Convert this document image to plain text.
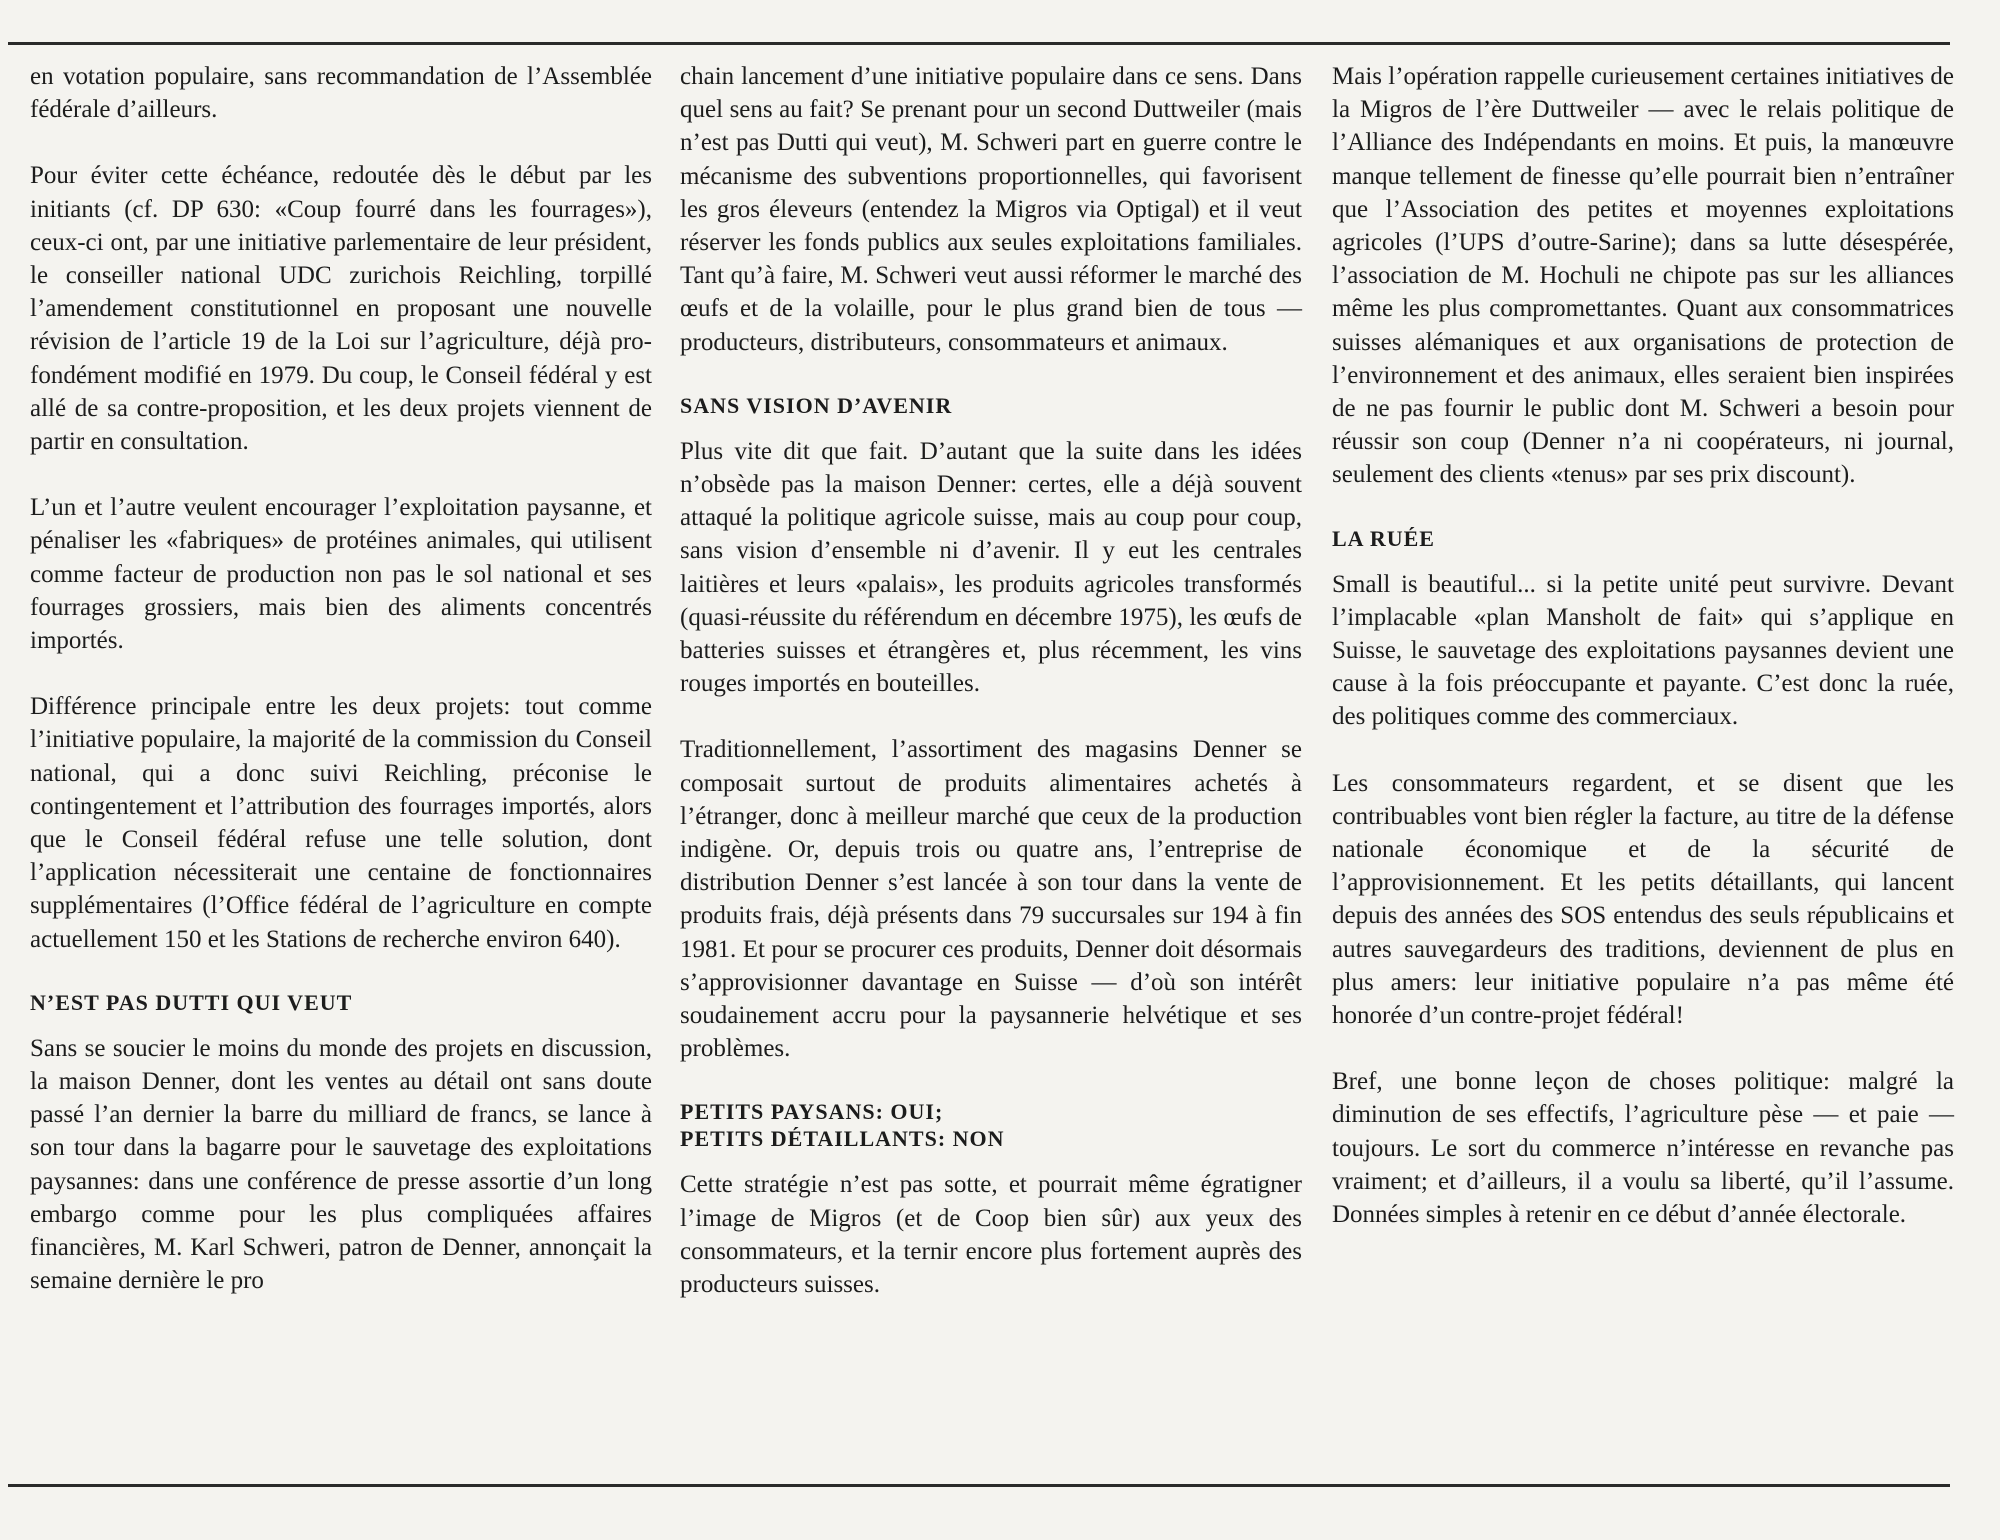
en votation populaire, sans recommandation de l’Assemblée fédérale d’ailleurs.

Pour éviter cette échéance, redoutée dès le début par les initiants (cf. DP 630: «Coup fourré dans les fourrages»), ceux-ci ont, par une initiative parlementaire de leur président, le conseiller national UDC zurichois Reichling, torpillé l’amendement constitutionnel en proposant une nouvelle révision de l’article 19 de la Loi sur l’agriculture, déjà profondément modifié en 1979. Du coup, le Conseil fédéral y est allé de sa contre-proposition, et les deux projets viennent de partir en consultation.

L’un et l’autre veulent encourager l’exploitation paysanne, et pénaliser les «fabriques» de protéines animales, qui utilisent comme facteur de production non pas le sol national et ses fourrages grossiers, mais bien des aliments concentrés importés.

Différence principale entre les deux projets: tout comme l’initiative populaire, la majorité de la commission du Conseil national, qui a donc suivi Reichling, préconise le contingentement et l’attribution des fourrages importés, alors que le Conseil fédéral refuse une telle solution, dont l’application nécessiterait une centaine de fonctionnaires supplémentaires (l’Office fédéral de l’agriculture en compte actuellement 150 et les Stations de recherche environ 640).

N’EST PAS DUTTI QUI VEUT

Sans se soucier le moins du monde des projets en discussion, la maison Denner, dont les ventes au détail ont sans doute passé l’an dernier la barre du milliard de francs, se lance à son tour dans la bagarre pour le sauvetage des exploitations paysannes: dans une conférence de presse assortie d’un long embargo comme pour les plus compliquées affaires financières, M. Karl Schweri, patron de Denner, annonçait la semaine dernière le pro

chain lancement d’une initiative populaire dans ce sens. Dans quel sens au fait? Se prenant pour un second Duttweiler (mais n’est pas Dutti qui veut), M. Schweri part en guerre contre le mécanisme des subventions proportionnelles, qui favorisent les gros éleveurs (entendez la Migros via Optigal) et il veut réserver les fonds publics aux seules exploitations familiales. Tant qu’à faire, M. Schweri veut aussi réformer le marché des œufs et de la volaille, pour le plus grand bien de tous — producteurs, distributeurs, consommateurs et animaux.

SANS VISION D’AVENIR

Plus vite dit que fait. D’autant que la suite dans les idées n’obsède pas la maison Denner: certes, elle a déjà souvent attaqué la politique agricole suisse, mais au coup pour coup, sans vision d’ensemble ni d’avenir. Il y eut les centrales laitières et leurs «palais», les produits agricoles transformés (quasi-réussite du référendum en décembre 1975), les œufs de batteries suisses et étrangères et, plus récemment, les vins rouges importés en bouteilles.

Traditionnellement, l’assortiment des magasins Denner se composait surtout de produits alimentaires achetés à l’étranger, donc à meilleur marché que ceux de la production indigène. Or, depuis trois ou quatre ans, l’entreprise de distribution Denner s’est lancée à son tour dans la vente de produits frais, déjà présents dans 79 succursales sur 194 à fin 1981. Et pour se procurer ces produits, Denner doit désormais s’approvisionner davantage en Suisse — d’où son intérêt soudainement accru pour la paysannerie helvétique et ses problèmes.

PETITS PAYSANS: OUI;
PETITS DÉTAILLANTS: NON

Cette stratégie n’est pas sotte, et pourrait même égratigner l’image de Migros (et de Coop bien sûr) aux yeux des consommateurs, et la ternir encore plus fortement auprès des producteurs suisses.

Mais l’opération rappelle curieusement certaines initiatives de la Migros de l’ère Duttweiler — avec le relais politique de l’Alliance des Indépendants en moins. Et puis, la manœuvre manque tellement de finesse qu’elle pourrait bien n’entraîner que l’Association des petites et moyennes exploitations agricoles (l’UPS d’outre-Sarine); dans sa lutte désespérée, l’association de M. Hochuli ne chipote pas sur les alliances même les plus compromettantes. Quant aux consommatrices suisses alémaniques et aux organisations de protection de l’environnement et des animaux, elles seraient bien inspirées de ne pas fournir le public dont M. Schweri a besoin pour réussir son coup (Denner n’a ni coopérateurs, ni journal, seulement des clients «tenus» par ses prix discount).

LA RUÉE

Small is beautiful... si la petite unité peut survivre. Devant l’implacable «plan Mansholt de fait» qui s’applique en Suisse, le sauvetage des exploitations paysannes devient une cause à la fois préoccupante et payante. C’est donc la ruée, des politiques comme des commerciaux.

Les consommateurs regardent, et se disent que les contribuables vont bien régler la facture, au titre de la défense nationale économique et de la sécurité de l’approvisionnement. Et les petits détaillants, qui lancent depuis des années des SOS entendus des seuls républicains et autres sauvegardeurs des traditions, deviennent de plus en plus amers: leur initiative populaire n’a pas même été honorée d’un contre-projet fédéral!

Bref, une bonne leçon de choses politique: malgré la diminution de ses effectifs, l’agriculture pèse — et paie — toujours. Le sort du commerce n’intéresse en revanche pas vraiment; et d’ailleurs, il a voulu sa liberté, qu’il l’assume. Données simples à retenir en ce début d’année électorale.
